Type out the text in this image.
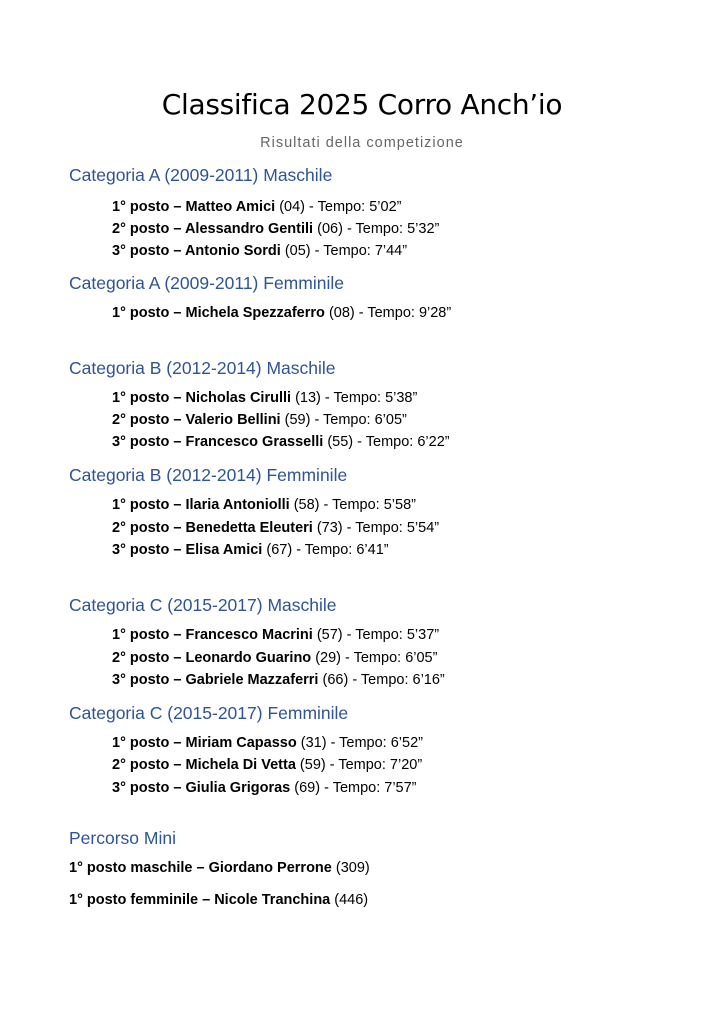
Classifica 2025 Corro Anch’io
Risultati della competizione
Categoria A (2009-2011) Maschile
1° posto – Matteo Amici (04) - Tempo: 5’02”
2° posto – Alessandro Gentili (06) - Tempo: 5’32”
3° posto – Antonio Sordi (05) - Tempo: 7’44”
Categoria A (2009-2011) Femminile
1° posto – Michela Spezzaferro (08) - Tempo: 9’28”
Categoria B (2012-2014) Maschile
1° posto – Nicholas Cirulli (13) - Tempo: 5’38”
2° posto – Valerio Bellini (59) - Tempo: 6’05”
3° posto – Francesco Grasselli (55) - Tempo: 6’22”
Categoria B (2012-2014) Femminile
1° posto – Ilaria Antoniolli (58) - Tempo: 5’58”
2° posto – Benedetta Eleuteri (73) - Tempo: 5’54”
3° posto – Elisa Amici (67) - Tempo: 6’41”
Categoria C (2015-2017) Maschile
1° posto – Francesco Macrini (57) - Tempo: 5’37”
2° posto – Leonardo Guarino (29) - Tempo: 6’05”
3° posto – Gabriele Mazzaferri (66) - Tempo: 6’16”
Categoria C (2015-2017) Femminile
1° posto – Miriam Capasso (31) - Tempo: 6’52”
2° posto – Michela Di Vetta (59) - Tempo: 7’20”
3° posto – Giulia Grigoras (69) - Tempo: 7’57”
Percorso Mini
1° posto maschile – Giordano Perrone (309)
1° posto femminile – Nicole Tranchina (446)
